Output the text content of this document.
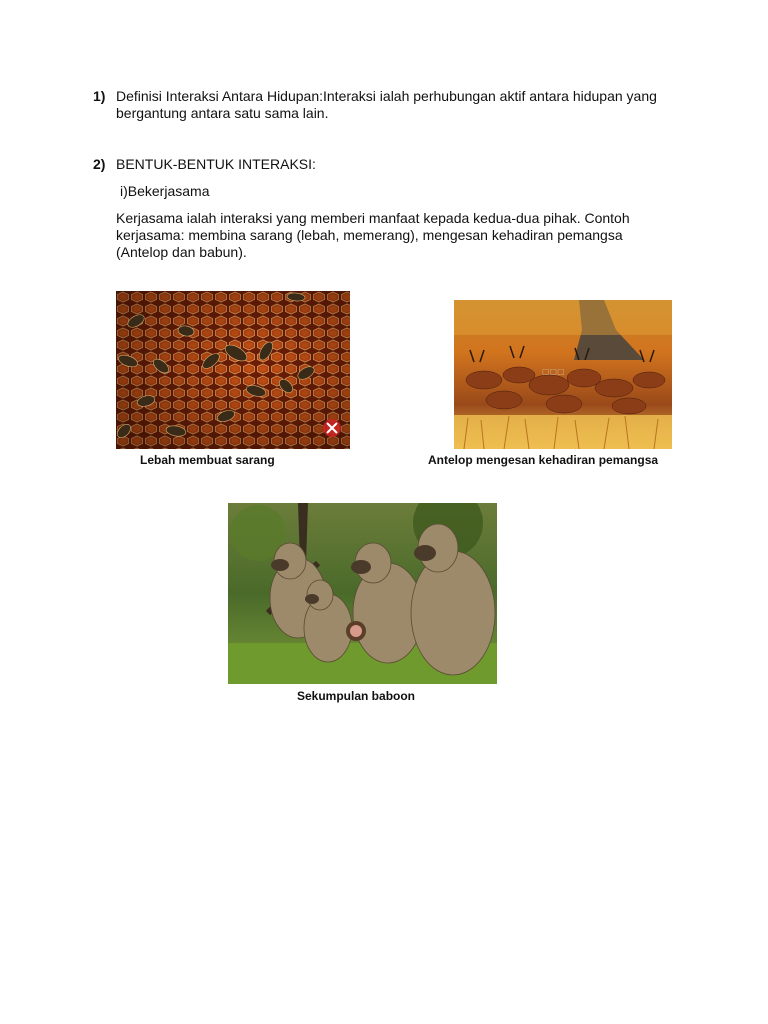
1) Definisi Interaksi Antara Hidupan:Interaksi ialah perhubungan aktif antara hidupan yang
bergantung antara satu sama lain.
2) BENTUK-BENTUK INTERAKSI:
i)Bekerjasama
Kerjasama ialah interaksi yang memberi manfaat kepada kedua-dua pihak. Contoh
kerjasama: membina sarang (lebah, memerang), mengesan kehadiran pemangsa
(Antelop dan babun).
Lebah membuat sarang
▢▢▢
Antelop mengesan kehadiran pemangsa
Sekumpulan baboon
